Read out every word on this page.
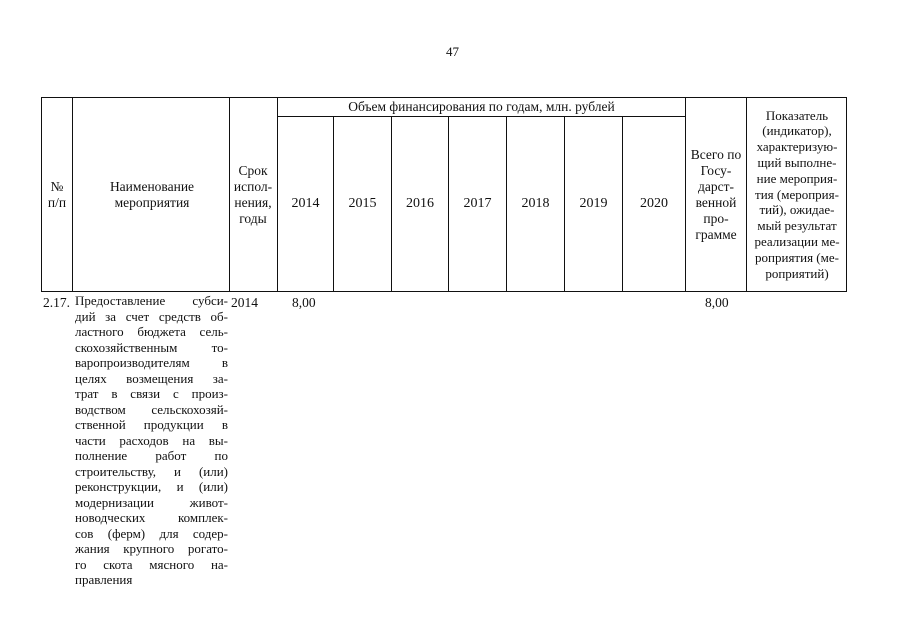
47
№ п/п
Наименование мероприятия
Срок испол-нения, годы
Объем финансирования по годам, млн. рублей
2014 2015 2016 2017 2018 2019 2020
Всего по Госу-дарст-венной про-грамме
Показатель (индикатор), характеризую-щий выполне-ние мероприя-тия (мероприя-тий), ожидае-мый результат реализации ме-роприятия (ме-роприятий)
2.17. Предоставление субси-
дий за счет средств об-
ластного бюджета сель-
скохозяйственным то-
варопроизводителям в
целях возмещения за-
трат в связи с произ-
водством сельскохозяй-
ственной продукции в
части расходов на вы-
полнение работ по
строительству, и (или)
реконструкции, и (или)
модернизации живот-
новодческих комплек-
сов (ферм) для содер-
жания крупного рогато-
го скота мясного на-
правления
2014	8,00	8,00
